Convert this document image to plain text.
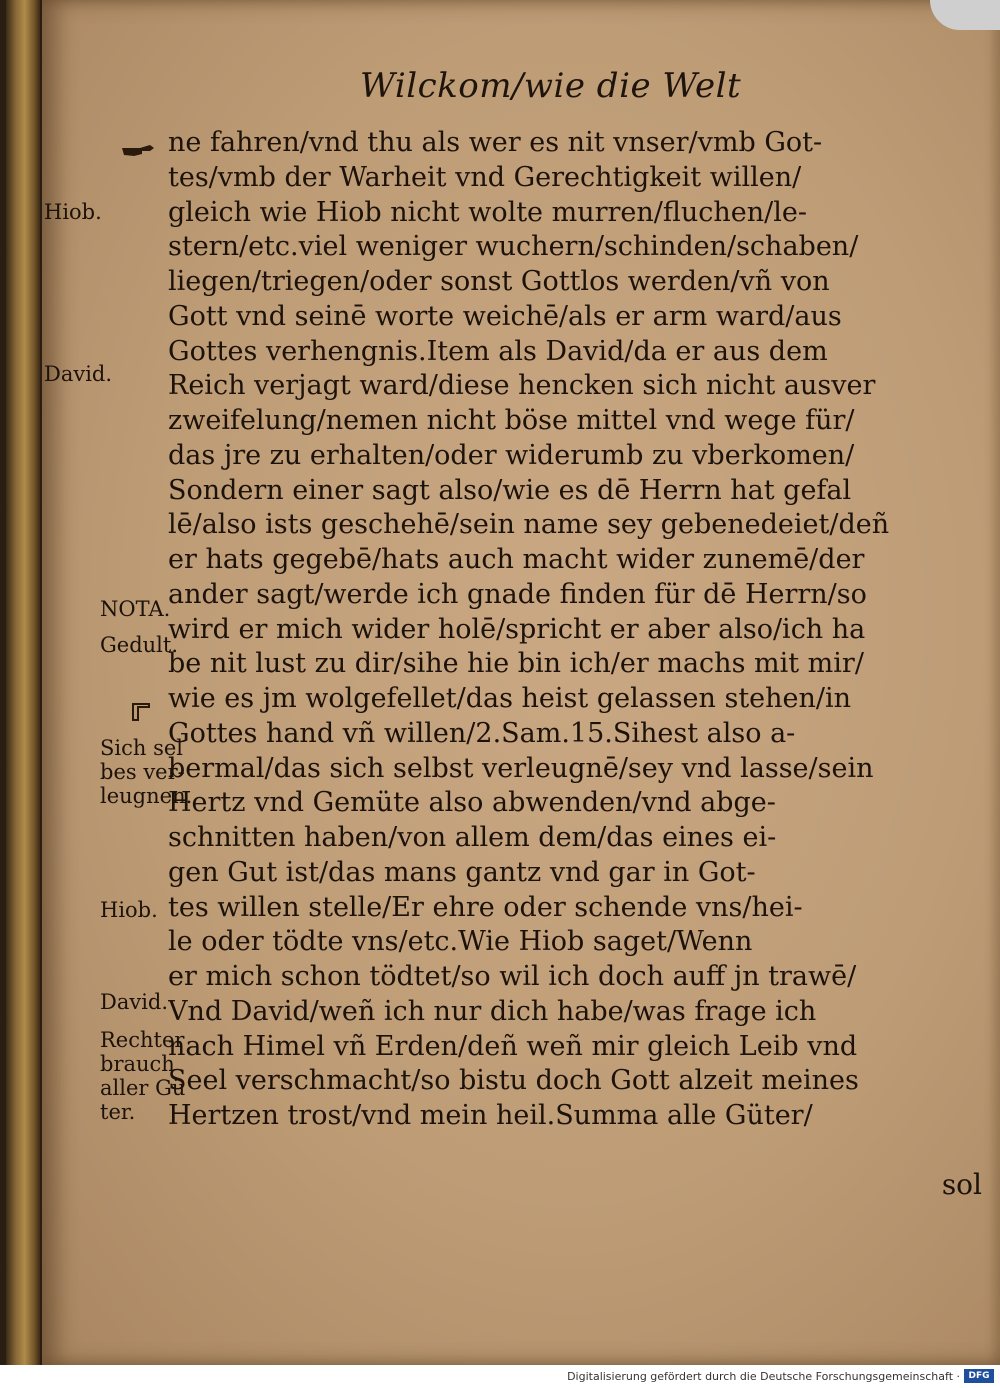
Wilckom/wie die Welt
Hiob.
David.
NOTA.
Gedult.
Sich sel
bes ver-
leugnen.
Hiob.
David.
Rechter
brauch
aller Gü
ter.
ne fahren/vnd thu als wer es nit vnser/vmb Got-
tes/vmb der Warheit vnd Gerechtigkeit willen/
gleich wie Hiob nicht wolte murren/fluchen/le-
stern/etc.viel weniger wuchern/schinden/schaben/
liegen/triegen/oder sonst Gottlos werden/vñ von
Gott vnd seinē worte weichē/als er arm ward/aus
Gottes verhengnis.Item als David/da er aus dem
Reich verjagt ward/diese hencken sich nicht ausver
zweifelung/nemen nicht böse mittel vnd wege für/
das jre zu erhalten/oder widerumb zu vberkomen/
Sondern einer sagt also/wie es dē Herrn hat gefal
lē/also ists geschehē/sein name sey gebenedeiet/deñ
er hats gegebē/hats auch macht wider zunemē/der
ander sagt/werde ich gnade finden für dē Herrn/so
wird er mich wider holē/spricht er aber also/ich ha
be nit lust zu dir/sihe hie bin ich/er machs mit mir/
wie es jm wolgefellet/das heist gelassen stehen/in
Gottes hand vñ willen/2.Sam.15.Sihest also a-
bermal/das sich selbst verleugnē/sey vnd lasse/sein
Hertz vnd Gemüte also abwenden/vnd abge-
schnitten haben/von allem dem/das eines ei-
gen Gut ist/das mans gantz vnd gar in Got-
tes willen stelle/Er ehre oder schende vns/hei-
le oder tödte vns/etc.Wie Hiob saget/Wenn
er mich schon tödtet/so wil ich doch auff jn trawē/
Vnd David/weñ ich nur dich habe/was frage ich
nach Himel vñ Erden/deñ weñ mir gleich Leib vnd
Seel verschmacht/so bistu doch Gott alzeit meines
Hertzen trost/vnd mein heil.Summa alle Güter/
sol
Digitalisierung gefördert durch die Deutsche Forschungsgemeinschaft · DFG
